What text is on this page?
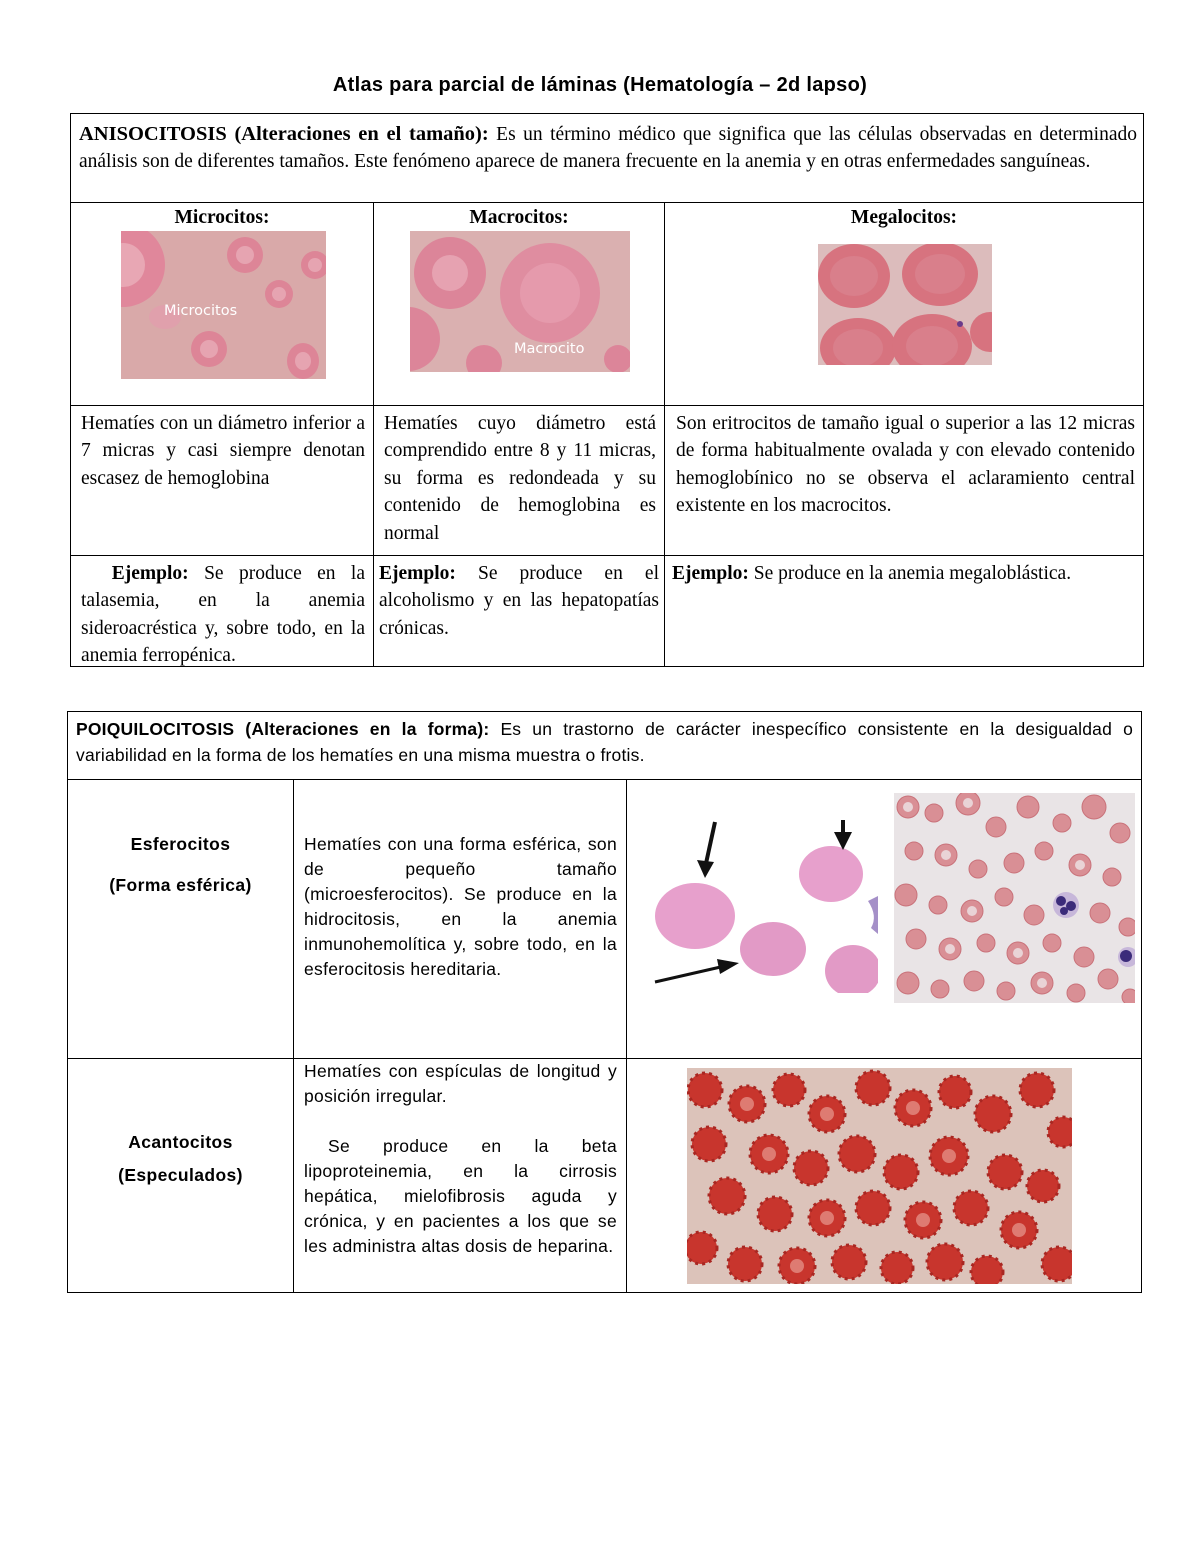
Atlas para parcial de láminas (Hematología – 2d lapso)
ANISOCITOSIS (Alteraciones en el tamaño): Es un término médico que significa que las células observadas en determinado análisis son de diferentes tamaños. Este fenómeno aparece de manera frecuente en la anemia y en otras enfermedades sanguíneas.
Microcitos:	Macrocitos:	Megalocitos:
Microcitos
Macrocito
Hematíes con un diámetro inferior a 7 micras y casi siempre denotan escasez de hemoglobina
Hematíes cuyo diámetro está comprendido entre 8 y 11 micras, su forma es redondeada y su contenido de hemoglobina es normal
Son eritrocitos de tamaño igual o superior a las 12 micras de forma habitualmente ovalada y con elevado contenido hemoglobínico no se observa el aclaramiento central existente en los macrocitos.
Ejemplo: Se produce en la talasemia, en la anemia sideroacréstica y, sobre todo, en la anemia ferropénica.
Ejemplo: Se produce en el alcoholismo y en las hepatopatías crónicas.
Ejemplo: Se produce en la anemia megaloblástica.
POIQUILOCITOSIS (Alteraciones en la forma): Es un trastorno de carácter inespecífico consistente en la desigualdad o variabilidad en la forma de los hematíes en una misma muestra o frotis.
Esferocitos
(Forma esférica)
Hematíes con una forma esférica, son de pequeño tamaño (microesferocitos). Se produce en la hidrocitosis, en la anemia inmunohemolítica y, sobre todo, en la esferocitosis hereditaria.
Acantocitos
(Especulados)

Hematíes con espículas de longitud y posición irregular.

Se produce en la beta lipoproteinemia, en la cirrosis hepática, mielofibrosis aguda y crónica, y en pacientes a los que se les administra altas dosis de heparina.
